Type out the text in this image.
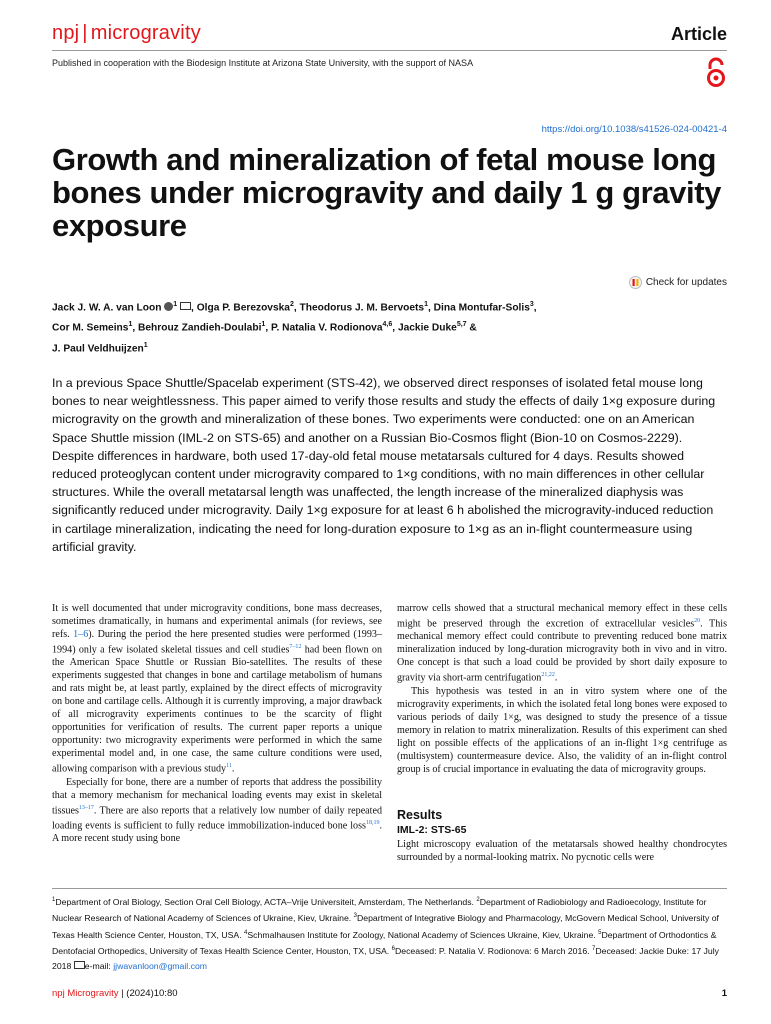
npj | microgravity	Article
Published in cooperation with the Biodesign Institute at Arizona State University, with the support of NASA
https://doi.org/10.1038/s41526-024-00421-4
Growth and mineralization of fetal mouse long bones under microgravity and daily 1 g gravity exposure
Check for updates
Jack J. W. A. van Loon $^1$ , Olga P. Berezovska$^2$, Theodorus J. M. Bervoets$^1$, Dina Montufar-Solis$^3$,
Cor M. Semeins$^1$, Behrouz Zandieh-Doulabi$^1$, P. Natalia V. Rodionova$^{4,6}$, Jackie Duke$^{5,7}$ &
J. Paul Veldhuijzen$^1$

In a previous Space Shuttle/Spacelab experiment (STS-42), we observed direct responses of isolated fetal mouse long bones to near weightlessness. This paper aimed to verify those results and study the effects of daily 1×g exposure during microgravity on the growth and mineralization of these bones. Two experiments were conducted: one on an American Space Shuttle mission (IML-2 on STS-65) and another on a Russian Bio-Cosmos flight (Bion-10 on Cosmos-2229). Despite differences in hardware, both used 17-day-old fetal mouse metatarsals cultured for 4 days. Results showed reduced proteoglycan content under microgravity compared to 1×g conditions, with no main differences in other cellular structures. While the overall metatarsal length was unaffected, the length increase of the mineralized diaphysis was significantly reduced under microgravity. Daily 1×g exposure for at least 6 h abolished the microgravity-induced reduction in cartilage mineralization, indicating the need for long-duration exposure to 1×g as an in-flight countermeasure using artificial gravity.

It is well documented that under microgravity conditions, bone mass decreases, sometimes dramatically, in humans and experimental animals (for reviews, see refs. 1–6). During the period the here presented studies were performed (1993–1994) only a few isolated skeletal tissues and cell studies$^{7-12}$ had been flown on the American Space Shuttle or Russian Bio-satellites. The results of these experiments suggested that changes in bone and cartilage metabolism of humans and rats might be, at least partly, explained by the direct effects of microgravity on bone and cartilage cells. Although it is currently improving, a major drawback of all microgravity experiments continues to be the scarcity of flight opportunities for verification of results. The current paper reports a unique opportunity: two microgravity experiments were performed in which the same experimental model and, in one case, the same culture conditions were used, allowing comparison with a previous study$^{11}$.

Especially for bone, there are a number of reports that address the possibility that a memory mechanism for mechanical loading events may exist in skeletal tissues$^{13-17}$. There are also reports that a relatively low number of daily repeated loading events is sufficient to fully reduce immobilization-induced bone loss$^{18,19}$. A more recent study using bone

marrow cells showed that a structural mechanical memory effect in these cells might be preserved through the excretion of extracellular vesicles$^{20}$. This mechanical memory effect could contribute to preventing reduced bone matrix mineralization induced by long-duration microgravity both in vivo and in vitro. One concept is that such a load could be provided by short daily exposure to gravity via short-arm centrifugation$^{21,22}$.

This hypothesis was tested in an in vitro system where one of the microgravity experiments, in which the isolated fetal long bones were exposed to various periods of daily 1×g, was designed to study the presence of a tissue memory in relation to matrix mineralization. Results of this experiment can shed light on possible effects of the applications of an in-flight 1×g centrifuge as (multisystem) countermeasure device. Also, the validity of an in-flight control group is of crucial importance in evaluating the data of microgravity groups.

Results
IML-2: STS-65

Light microscopy evaluation of the metatarsals showed healthy chondrocytes surrounded by a normal-looking matrix. No pycnotic cells were

$^1$Department of Oral Biology, Section Oral Cell Biology, ACTA–Vrije Universiteit, Amsterdam, The Netherlands. $^2$Department of Radiobiology and Radioecology, Institute for Nuclear Research of National Academy of Sciences of Ukraine, Kiev, Ukraine. $^3$Department of Integrative Biology and Pharmacology, McGovern Medical School, University of Texas Health Science Center, Houston, TX, USA. $^4$Schmalhausen Institute for Zoology, National Academy of Sciences Ukraine, Kiev, Ukraine. $^5$Department of Orthodontics & Dentofacial Orthopedics, University of Texas Health Science Center, Houston, TX, USA. $^6$Deceased: P. Natalia V. Rodionova: 6 March 2016. $^7$Deceased: Jackie Duke: 17 July 2018 e-mail: jjwavanloon@gmail.com
npj Microgravity | (2024)10:80	1
